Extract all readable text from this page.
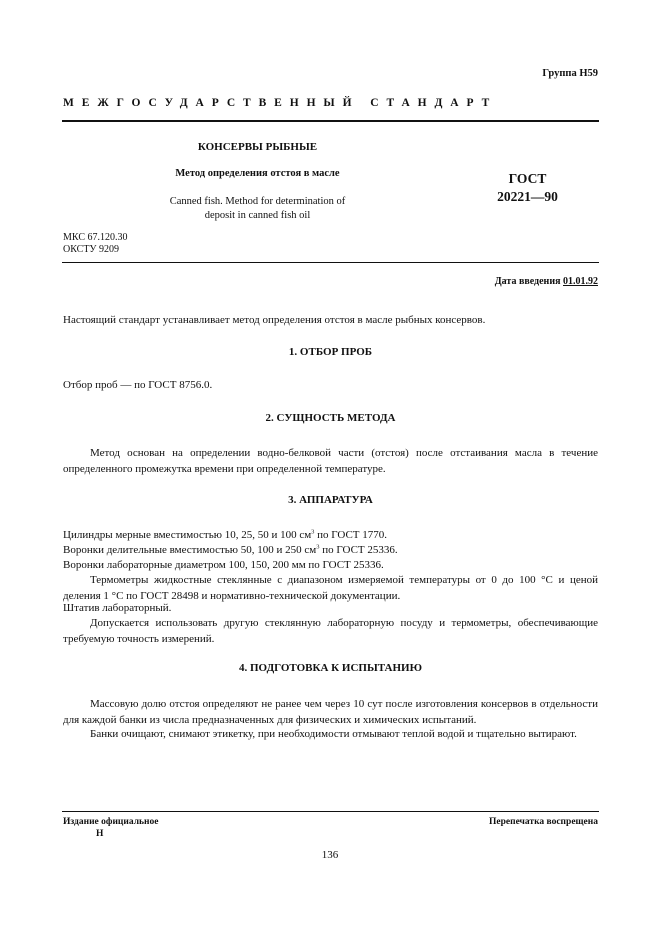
Группа Н59
МЕЖГОСУДАРСТВЕННЫЙ СТАНДАРТ
КОНСЕРВЫ РЫБНЫЕ
Метод определения отстоя в масле
Canned fish. Method for determination of
deposit in canned fish oil
ГОСТ
20221—90
МКС 67.120.30
ОКСТУ 9209
Дата введения 01.01.92
Настоящий стандарт устанавливает метод определения отстоя в масле рыбных консервов.
1. ОТБОР ПРОБ
Отбор проб — по ГОСТ 8756.0.
2. СУЩНОСТЬ МЕТОДА
Метод основан на определении водно-белковой части (отстоя) после отстаивания масла в течение определенного промежутка времени при определенной температуре.
3. АППАРАТУРА
Цилиндры мерные вместимостью 10, 25, 50 и 100 $см^3$ по ГОСТ 1770.
Воронки делительные вместимостью 50, 100 и 250 $см^3$ по ГОСТ 25336.
Воронки лабораторные диаметром 100, 150, 200 мм по ГОСТ 25336.
Термометры жидкостные стеклянные с диапазоном измеряемой температуры от 0 до 100 °С и ценой деления 1 °С по ГОСТ 28498 и нормативно-технической документации.
Штатив лабораторный.
Допускается использовать другую стеклянную лабораторную посуду и термометры, обеспечивающие требуемую точность измерений.
4. ПОДГОТОВКА К ИСПЫТАНИЮ
Массовую долю отстоя определяют не ранее чем через 10 сут после изготовления консервов в отдельности для каждой банки из числа предназначенных для физических и химических испытаний.
Банки очищают, снимают этикетку, при необходимости отмывают теплой водой и тщательно вытирают.
Издание официальное
Н
Перепечатка воспрещена
136
